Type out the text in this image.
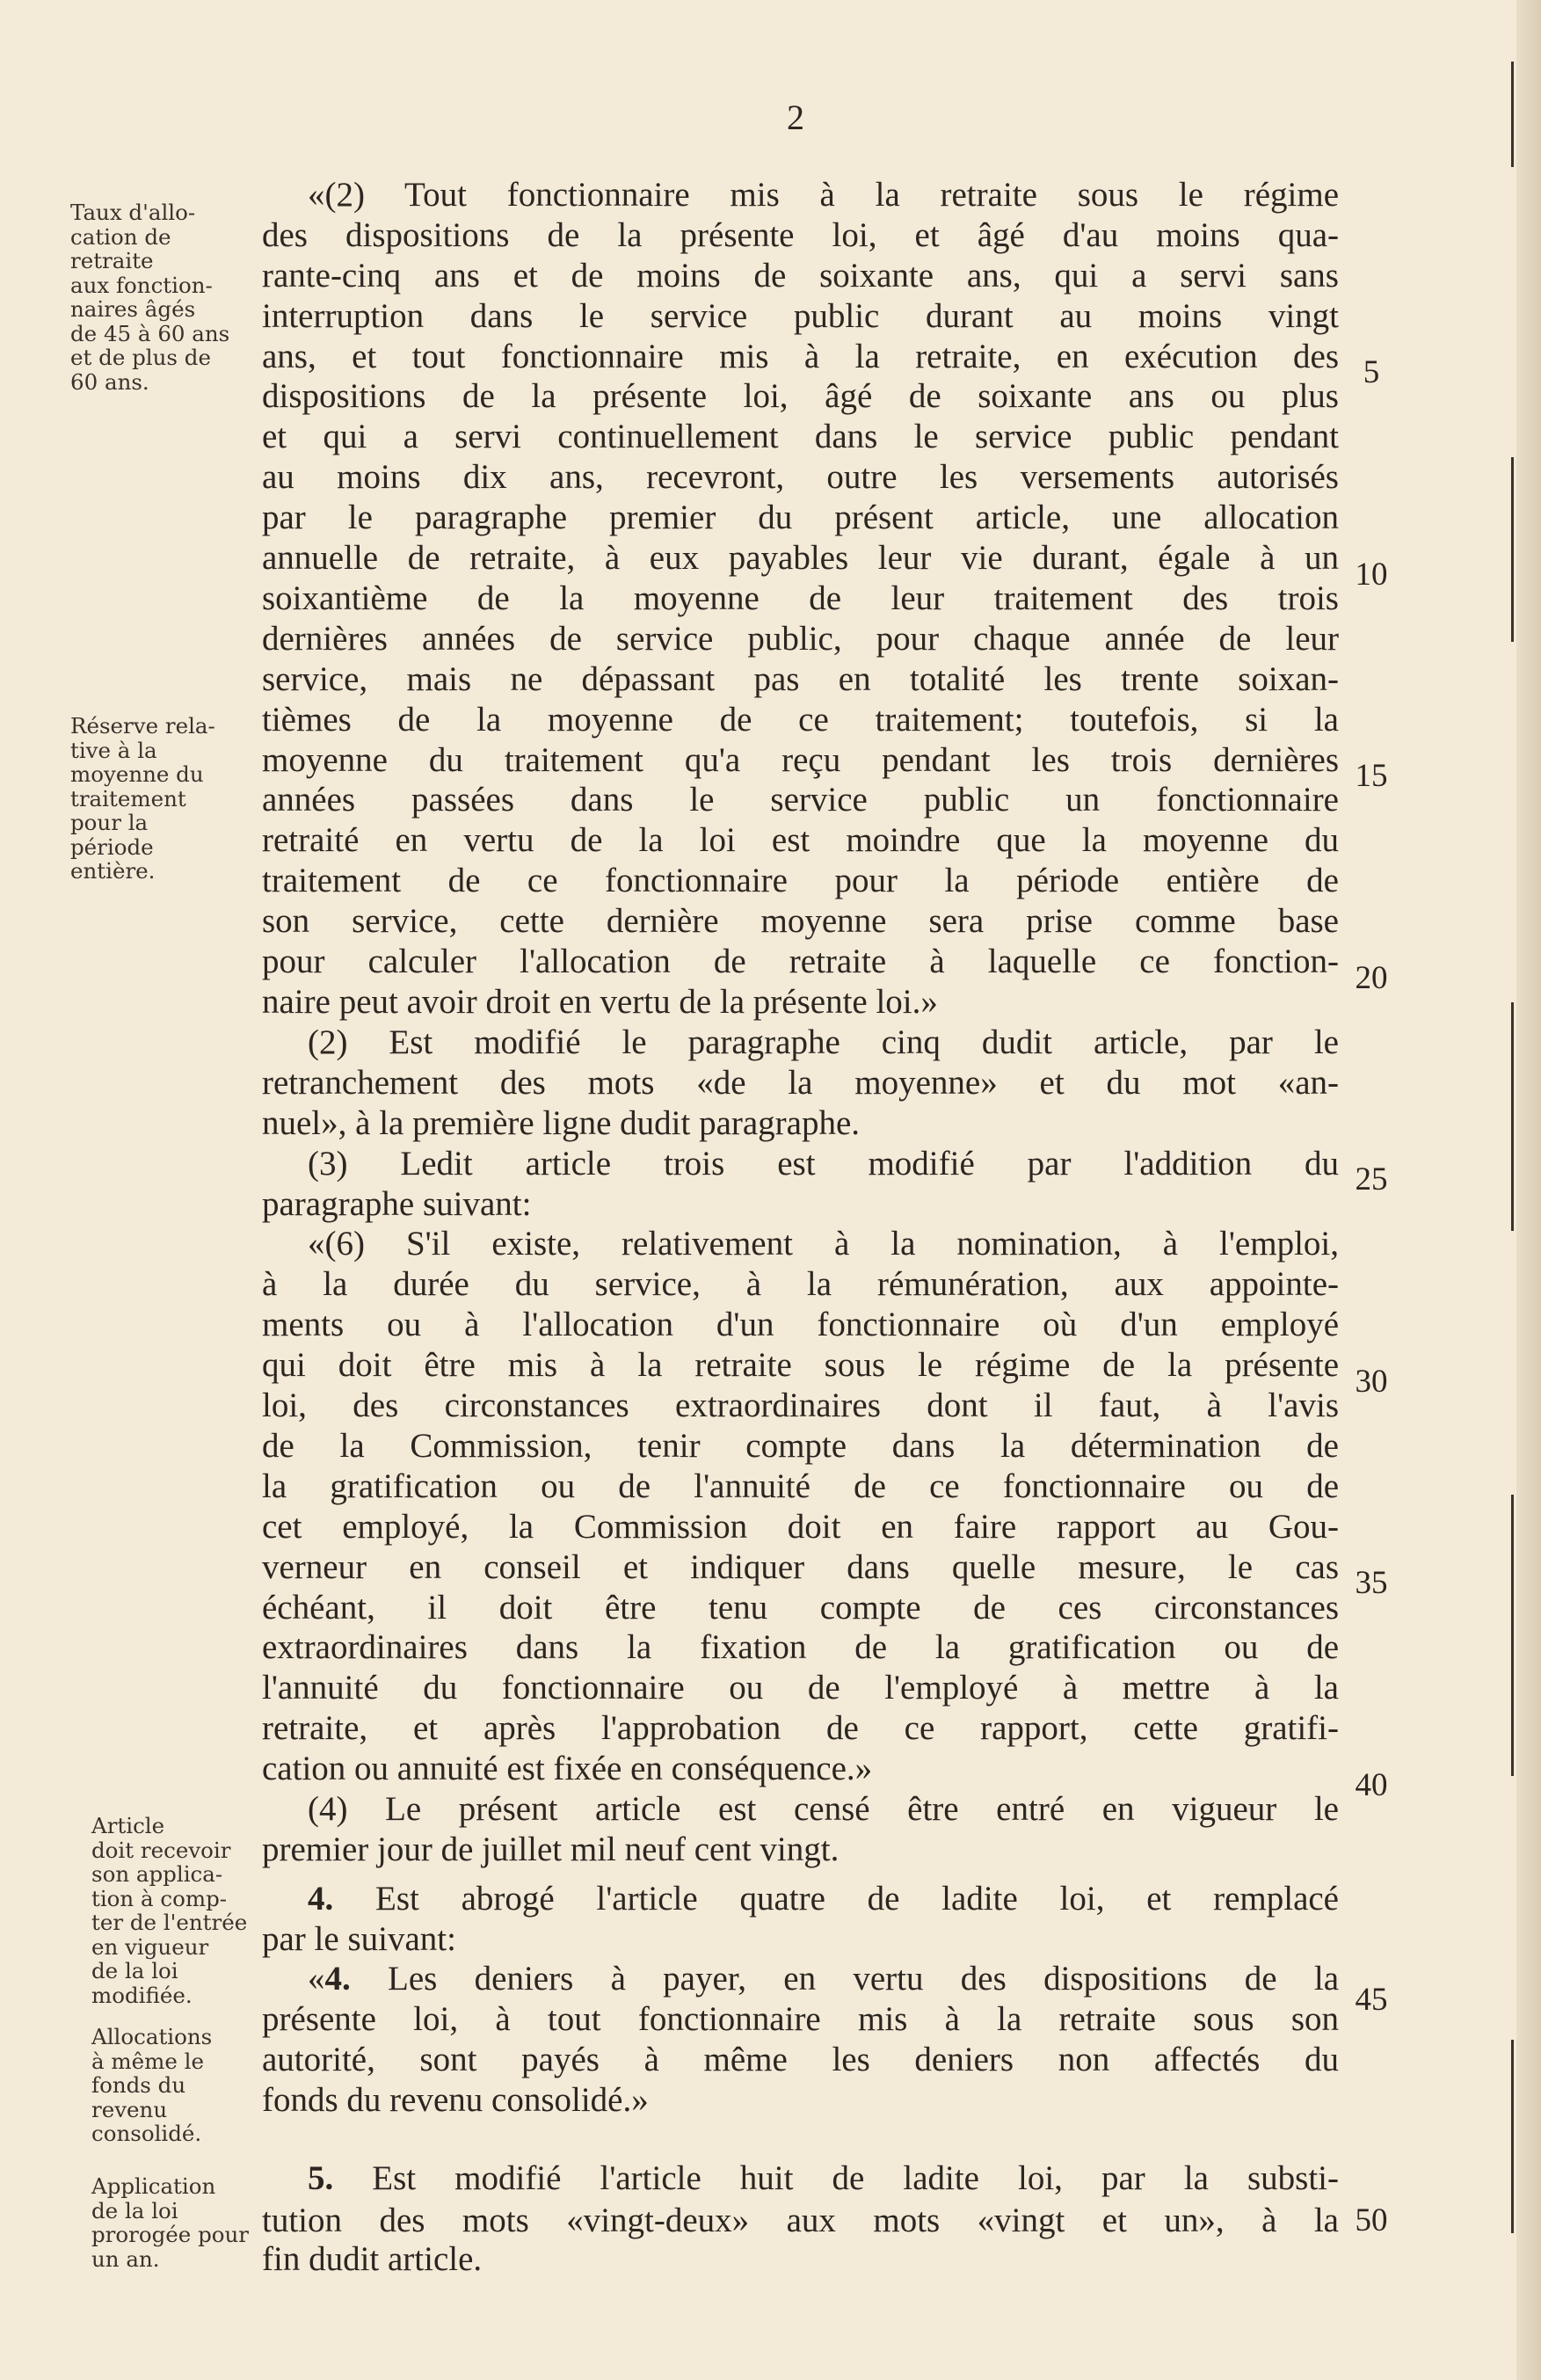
2

Taux d'allo-

cation de

retraite

aux fonction-

naires âgés

de 45 à 60 ans

et de plus de

60 ans.

Réserve rela-

tive à la

moyenne du

traitement

pour la

période

entière.

Article

doit recevoir

son applica-

tion à comp-

ter de l'entrée

en vigueur

de la loi

modifiée.

Allocations

à même le

fonds du

revenu

consolidé.

Application

de la loi

prorogée pour

un an.

«(2) Tout fonctionnaire mis à la retraite sous le régime
des dispositions de la présente loi, et âgé d'au moins qua-
rante-cinq ans et de moins de soixante ans, qui a servi sans
interruption dans le service public durant au moins vingt
ans, et tout fonctionnaire mis à la retraite, en exécution des
dispositions de la présente loi, âgé de soixante ans ou plus
et qui a servi continuellement dans le service public pendant
au moins dix ans, recevront, outre les versements autorisés
par le paragraphe premier du présent article, une allocation
annuelle de retraite, à eux payables leur vie durant, égale à un
soixantième de la moyenne de leur traitement des trois
dernières années de service public, pour chaque année de leur
service, mais ne dépassant pas en totalité les trente soixan-
tièmes de la moyenne de ce traitement; toutefois, si la
moyenne du traitement qu'a reçu pendant les trois dernières
années passées dans le service public un fonctionnaire
retraité en vertu de la loi est moindre que la moyenne du
traitement de ce fonctionnaire pour la période entière de
son service, cette dernière moyenne sera prise comme base
pour calculer l'allocation de retraite à laquelle ce fonction-
naire peut avoir droit en vertu de la présente loi.»
(2) Est modifié le paragraphe cinq dudit article, par le
retranchement des mots «de la moyenne» et du mot «an-
nuel», à la première ligne dudit paragraphe.
(3) Ledit article trois est modifié par l'addition du
paragraphe suivant:
«(6) S'il existe, relativement à la nomination, à l'emploi,
à la durée du service, à la rémunération, aux appointe-
ments ou à l'allocation d'un fonctionnaire où d'un employé
qui doit être mis à la retraite sous le régime de la présente
loi, des circonstances extraordinaires dont il faut, à l'avis
de la Commission, tenir compte dans la détermination de
la gratification ou de l'annuité de ce fonctionnaire ou de
cet employé, la Commission doit en faire rapport au Gou-
verneur en conseil et indiquer dans quelle mesure, le cas
échéant, il doit être tenu compte de ces circonstances
extraordinaires dans la fixation de la gratification ou de
l'annuité du fonctionnaire ou de l'employé à mettre à la
retraite, et après l'approbation de ce rapport, cette gratifi-
cation ou annuité est fixée en conséquence.»
(4) Le présent article est censé être entré en vigueur le
premier jour de juillet mil neuf cent vingt.
4. Est abrogé l'article quatre de ladite loi, et remplacé
par le suivant:
«4. Les deniers à payer, en vertu des dispositions de la
présente loi, à tout fonctionnaire mis à la retraite sous son
autorité, sont payés à même les deniers non affectés du
fonds du revenu consolidé.»
5. Est modifié l'article huit de ladite loi, par la substi-
tution des mots «vingt-deux» aux mots «vingt et un», à la
fin dudit article.
5
10
15
20
25
30
35
40
45
50
